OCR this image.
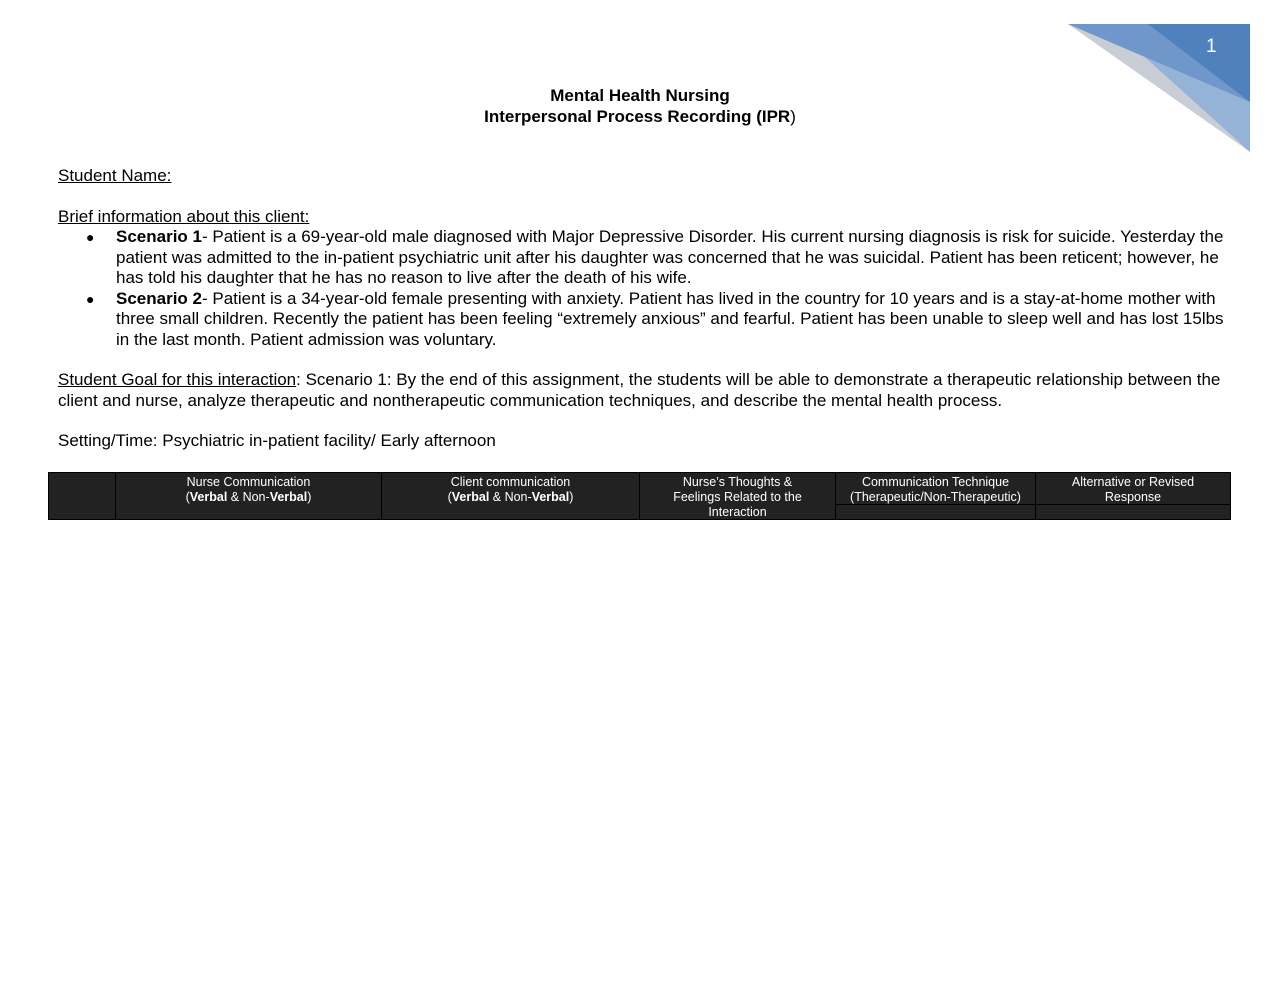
1
Mental Health Nursing
Interpersonal Process Recording (IPR)
Student Name:
Brief information about this client:
● Scenario 1- Patient is a 69-year-old male diagnosed with Major Depressive Disorder. His current nursing diagnosis is risk for suicide. Yesterday the patient was admitted to the in-patient psychiatric unit after his daughter was concerned that he was suicidal. Patient has been reticent; however, he has told his daughter that he has no reason to live after the death of his wife.
● Scenario 2- Patient is a 34-year-old female presenting with anxiety. Patient has lived in the country for 10 years and is a stay-at-home mother with three small children. Recently the patient has been feeling “extremely anxious” and fearful. Patient has been unable to sleep well and has lost 15lbs in the last month. Patient admission was voluntary.
Student Goal for this interaction: Scenario 1: By the end of this assignment, the students will be able to demonstrate a therapeutic relationship between the client and nurse, analyze therapeutic and nontherapeutic communication techniques, and describe the mental health process.
Setting/Time: Psychiatric in-patient facility/ Early afternoon
Nurse Communication
(Verbal & Non-Verbal)
Client communication
(Verbal & Non-Verbal)
Nurse’s Thoughts &
Feelings Related to the
Interaction
Communication Technique
(Therapeutic/Non-Therapeutic)
Alternative or Revised
Response
